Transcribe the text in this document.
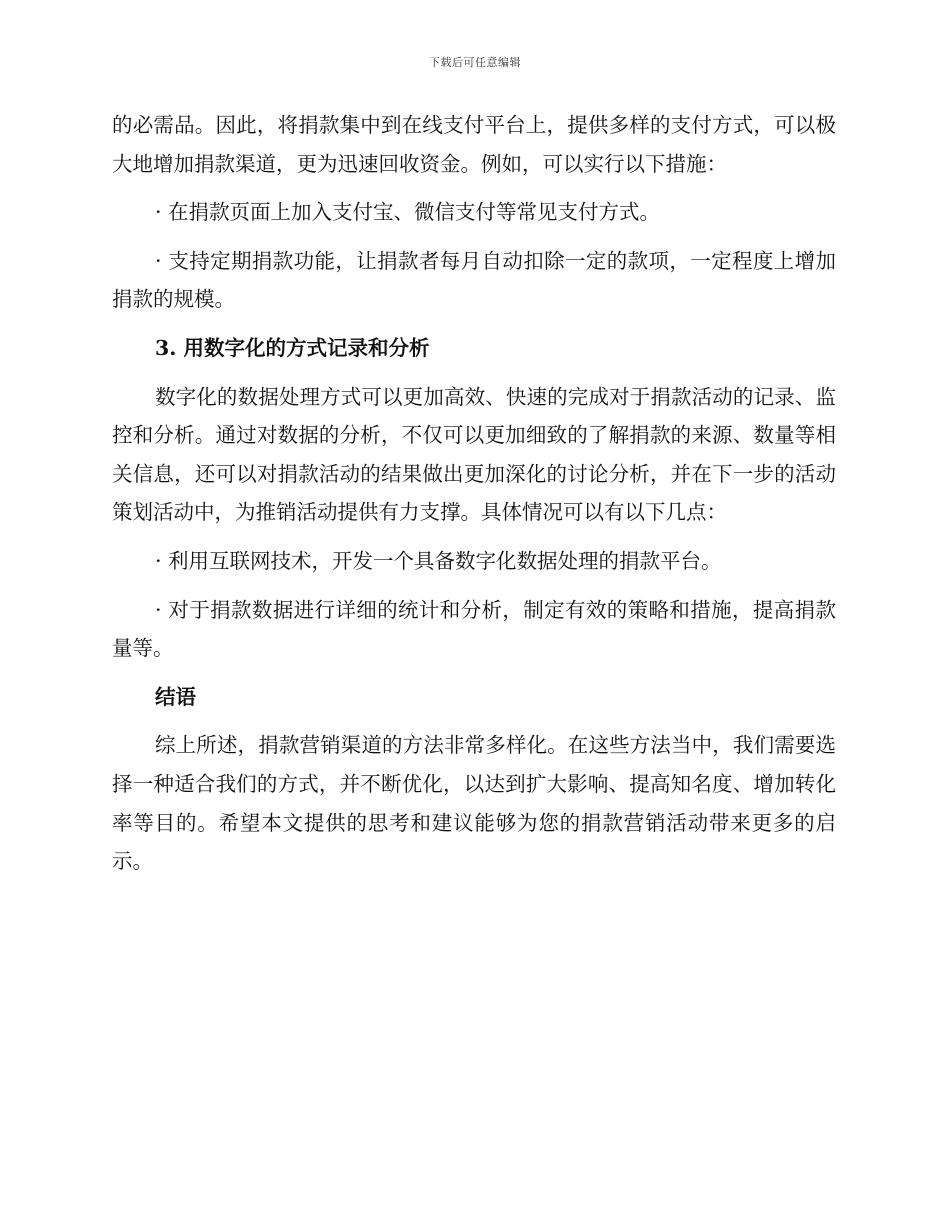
下载后可任意编辑

的必需品。因此，将捐款集中到在线支付平台上，提供多样的支付方式，可以极大地增加捐款渠道，更为迅速回收资金。例如，可以实行以下措施：

· 在捐款页面上加入支付宝、微信支付等常见支付方式。

· 支持定期捐款功能，让捐款者每月自动扣除一定的款项，一定程度上增加捐款的规模。

3. 用数字化的方式记录和分析

数字化的数据处理方式可以更加高效、快速的完成对于捐款活动的记录、监控和分析。通过对数据的分析，不仅可以更加细致的了解捐款的来源、数量等相关信息，还可以对捐款活动的结果做出更加深化的讨论分析，并在下一步的活动策划活动中，为推销活动提供有力支撑。具体情况可以有以下几点：

· 利用互联网技术，开发一个具备数字化数据处理的捐款平台。

· 对于捐款数据进行详细的统计和分析，制定有效的策略和措施，提高捐款量等。

结语

综上所述，捐款营销渠道的方法非常多样化。在这些方法当中，我们需要选择一种适合我们的方式，并不断优化，以达到扩大影响、提高知名度、增加转化率等目的。希望本文提供的思考和建议能够为您的捐款营销活动带来更多的启示。
